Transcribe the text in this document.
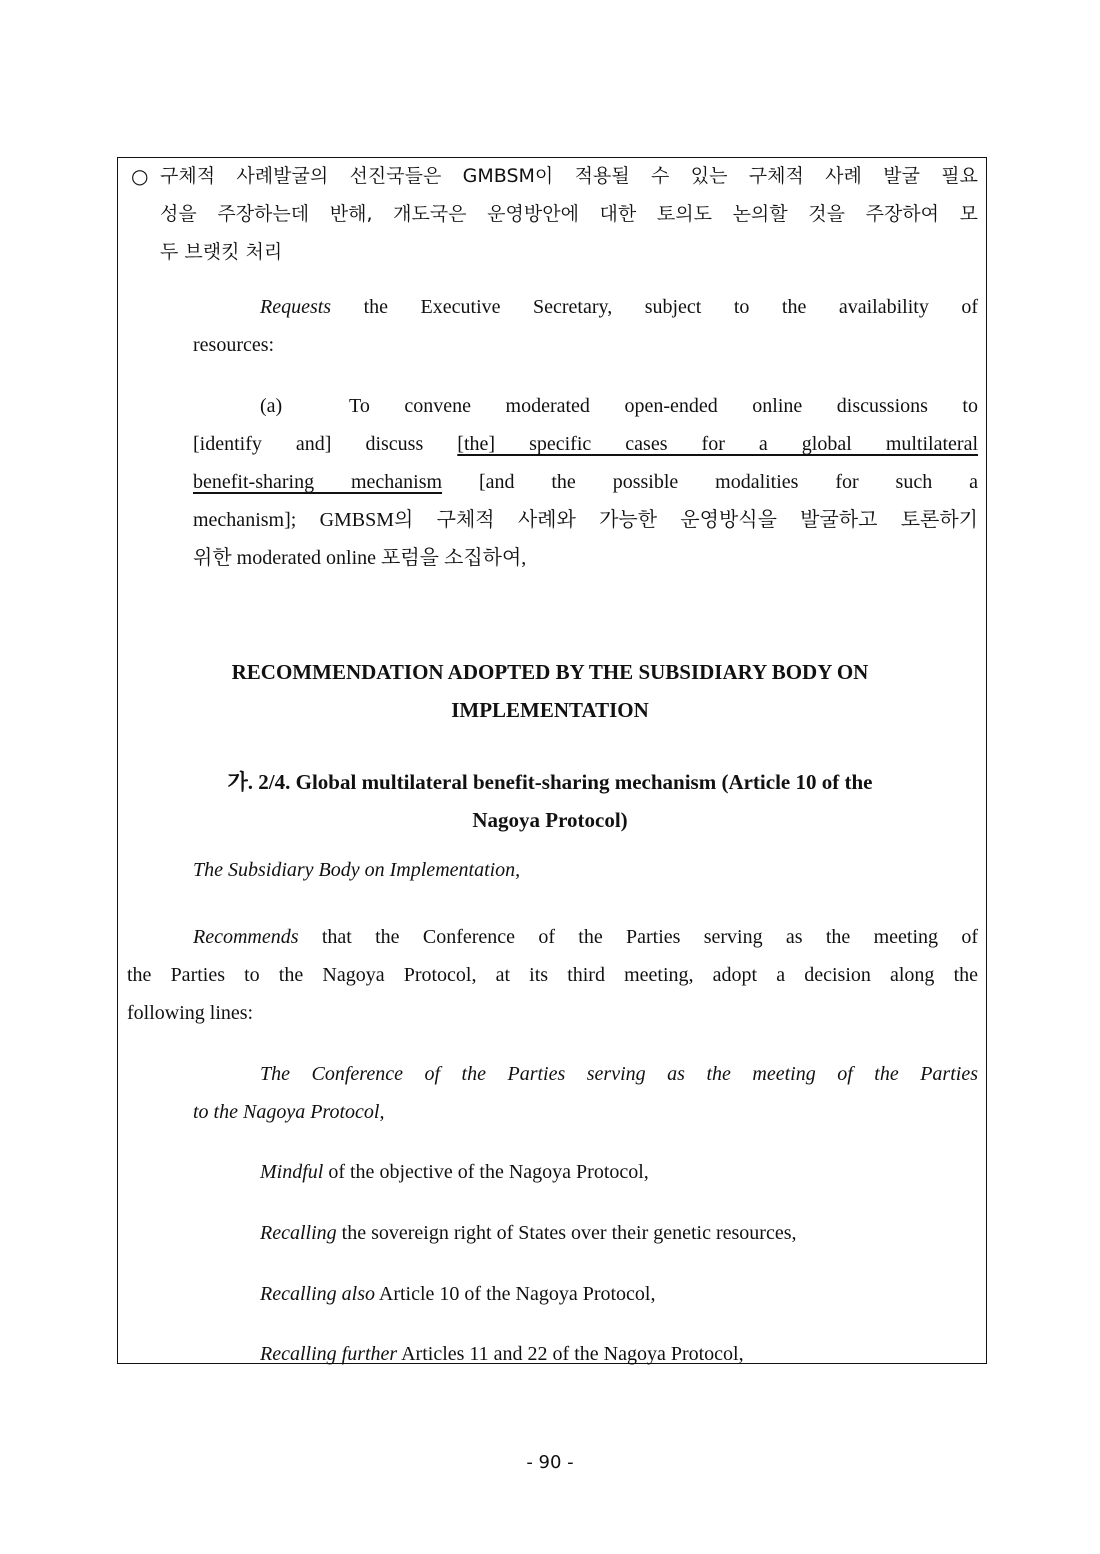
○ 구체적 사례발굴의 선진국들은 GMBSM이 적용될 수 있는 구체적 사례 발굴 필요
성을 주장하는데 반해, 개도국은 운영방안에 대한 토의도 논의할 것을 주장하여 모
두 브랫킷 처리
Requests the Executive Secretary, subject to the availability of
resources:
(a)	To convene moderated open-ended online discussions to
[identify and] discuss [the] specific cases for a global multilateral
benefit-sharing mechanism [and the possible modalities for such a
mechanism]; GMBSM의 구체적 사례와 가능한 운영방식을 발굴하고 토론하기
위한 moderated online 포럼을 소집하여,
RECOMMENDATION ADOPTED BY THE SUBSIDIARY BODY ON
IMPLEMENTATION
가. 2/4. Global multilateral benefit-sharing mechanism (Article 10 of the
Nagoya Protocol)
The Subsidiary Body on Implementation,
Recommends that the Conference of the Parties serving as the meeting of
the Parties to the Nagoya Protocol, at its third meeting, adopt a decision along the
following lines:
The Conference of the Parties serving as the meeting of the Parties
to the Nagoya Protocol,
Mindful of the objective of the Nagoya Protocol,
Recalling the sovereign right of States over their genetic resources,
Recalling also Article 10 of the Nagoya Protocol,
Recalling further Articles 11 and 22 of the Nagoya Protocol,
- 90 -
